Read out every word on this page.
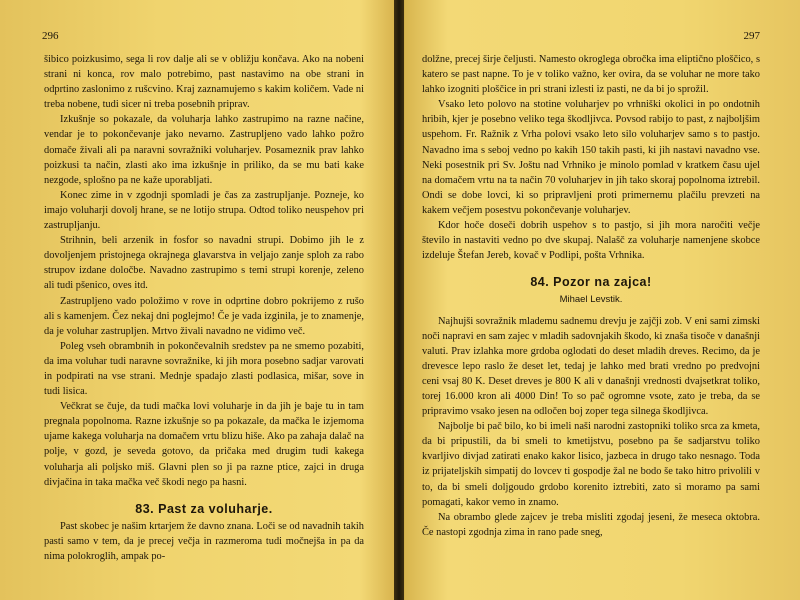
296

šibico poizkusimo, sega li rov dalje ali se v obližju končava. Ako na nobeni strani ni konca, rov malo potrebimo, past nastavimo na obe strani in odprtino zaslonimo z rušcvino. Kraj zaznamujemo s kakim količem. Vade ni treba nobene, tudi sicer ni treba posebnih priprav.

Izkušnje so pokazale, da voluharja lahko zastrupimo na razne načine, vendar je to pokončevanje jako nevarno. Zastrupljeno vado lahko požro domače živali ali pa naravni sovražniki voluharjev. Posameznik prav lahko poizkusi ta način, zlasti ako ima izkušnje in priliko, da se mu bati kake nezgode, splošno pa ne kaže uporabljati.

Konec zime in v zgodnji spomladi je čas za zastrupljanje. Pozneje, ko imajo voluharji dovolj hrane, se ne lotijo strupa. Odtod toliko neuspehov pri zastrupljanju.

Strihnin, beli arzenik in fosfor so navadni strupi. Dobimo jih le z dovoljenjem pristojnega okrajnega glavarstva in veljajo zanje sploh za rabo strupov izdane določbe. Navadno zastrupimo s temi strupi korenje, zeleno ali tudi pšenico, oves itd.

Zastrupljeno vado položimo v rove in odprtine dobro pokrijemo z rušo ali s kamenjem. Čez nekaj dni poglejmo! Če je vada izginila, je to znamenje, da je voluhar zastrupljen. Mrtvo živali navadno ne vidimo več.

Poleg vseh obrambnih in pokončevalnih sredstev pa ne smemo pozabiti, da ima voluhar tudi naravne sovražnike, ki jih mora posebno sadjar varovati in podpirati na vse strani. Mednje spadajo zlasti podlasica, mišar, sove in tudi lisica.

Večkrat se čuje, da tudi mačka lovi voluharje in da jih je baje tu in tam pregnala popolnoma. Razne izkušnje so pa pokazale, da mačka le izjemoma ujame kakega voluharja na domačem vrtu blizu hiše. Ako pa zahaja dalač na polje, v gozd, je seveda gotovo, da pričaka med drugim tudi kakega voluharja ali poljsko miš. Glavni plen so ji pa razne ptice, zajci in druga divjačina in taka mačka več škodi nego pa hasni.

83. Past za voluharje.

Past skobec je našim krtarjem že davno znana. Loči se od navadnih takih pasti samo v tem, da je precej večja in razmeroma tudi močnejša in pa da nima polokroglih, ampak po-

297

dolžne, precej širje čeljusti. Namesto okroglega obročka ima eliptično ploščico, s katero se past napne. To je v toliko važno, ker ovira, da se voluhar ne more tako lahko izogniti ploščice in pri strani izlesti iz pasti, ne da bi jo sprožil.

Vsako leto polovo na stotine voluharjev po vrhniški okolici in po ondotnih hribih, kjer je posebno veliko tega škodljivca. Povsod rabijo to past, z najboljšim uspehom. Fr. Ražnik z Vrha polovi vsako leto silo voluharjev samo s to pastjo. Navadno ima s seboj vedno po kakih 150 takih pasti, ki jih nastavi navadno vse. Neki posestnik pri Sv. Joštu nad Vrhniko je minolo pomlad v kratkem času ujel na domačem vrtu na ta način 70 voluharjev in jih tako skoraj popolnoma iztrebil. Ondi se dobe lovci, ki so pripravljeni proti primernemu plačilu prevzeti na kakem večjem posestvu pokončevanje voluharjev.

Kdor hoče doseči dobrih uspehov s to pastjo, si jih mora naročiti večje število in nastaviti vedno po dve skupaj. Nalašč za voluharje namenjene skobce izdeluje Štefan Jereb, kovač v Podlipi, pošta Vrhnika.

84. Pozor na zajca!
Mihael Levstik.

Najhujši sovražnik mlademu sadnemu drevju je zajčji zob. V eni sami zimski noči napravi en sam zajec v mladih sadovnjakih škodo, ki znaša tisoče v današnji valuti. Prav izlahka more grdoba oglodati do deset mladih dreves. Recimo, da je drevesce lepo raslo že deset let, tedaj je lahko med brati vredno po predvojni ceni vsaj 80 K. Deset dreves je 800 K ali v današnji vrednosti dvajsetkrat toliko, torej 16.000 kron ali 4000 Din! To so pač ogromne vsote, zato je treba, da se pripravimo vsako jesen na odločen boj zoper tega silnega škodljivca.

Najbolje bi pač bilo, ko bi imeli naši narodni zastopniki toliko srca za kmeta, da bi pripustili, da bi smeli to kmetijstvu, posebno pa še sadjarstvu toliko kvarljivo divjad zatirati enako kakor lisico, jazbeca in drugo tako nesnago. Toda iz prijateljskih simpatij do lovcev ti gospodje žal ne bodo še tako hitro privolili v to, da bi smeli doljgoudo grdobo korenito iztrebiti, zato si moramo pa sami pomagati, kakor vemo in znamo.

Na obrambo glede zajcev je treba misliti zgodaj jeseni, že meseca oktobra. Če nastopi zgodnja zima in rano pade sneg,
